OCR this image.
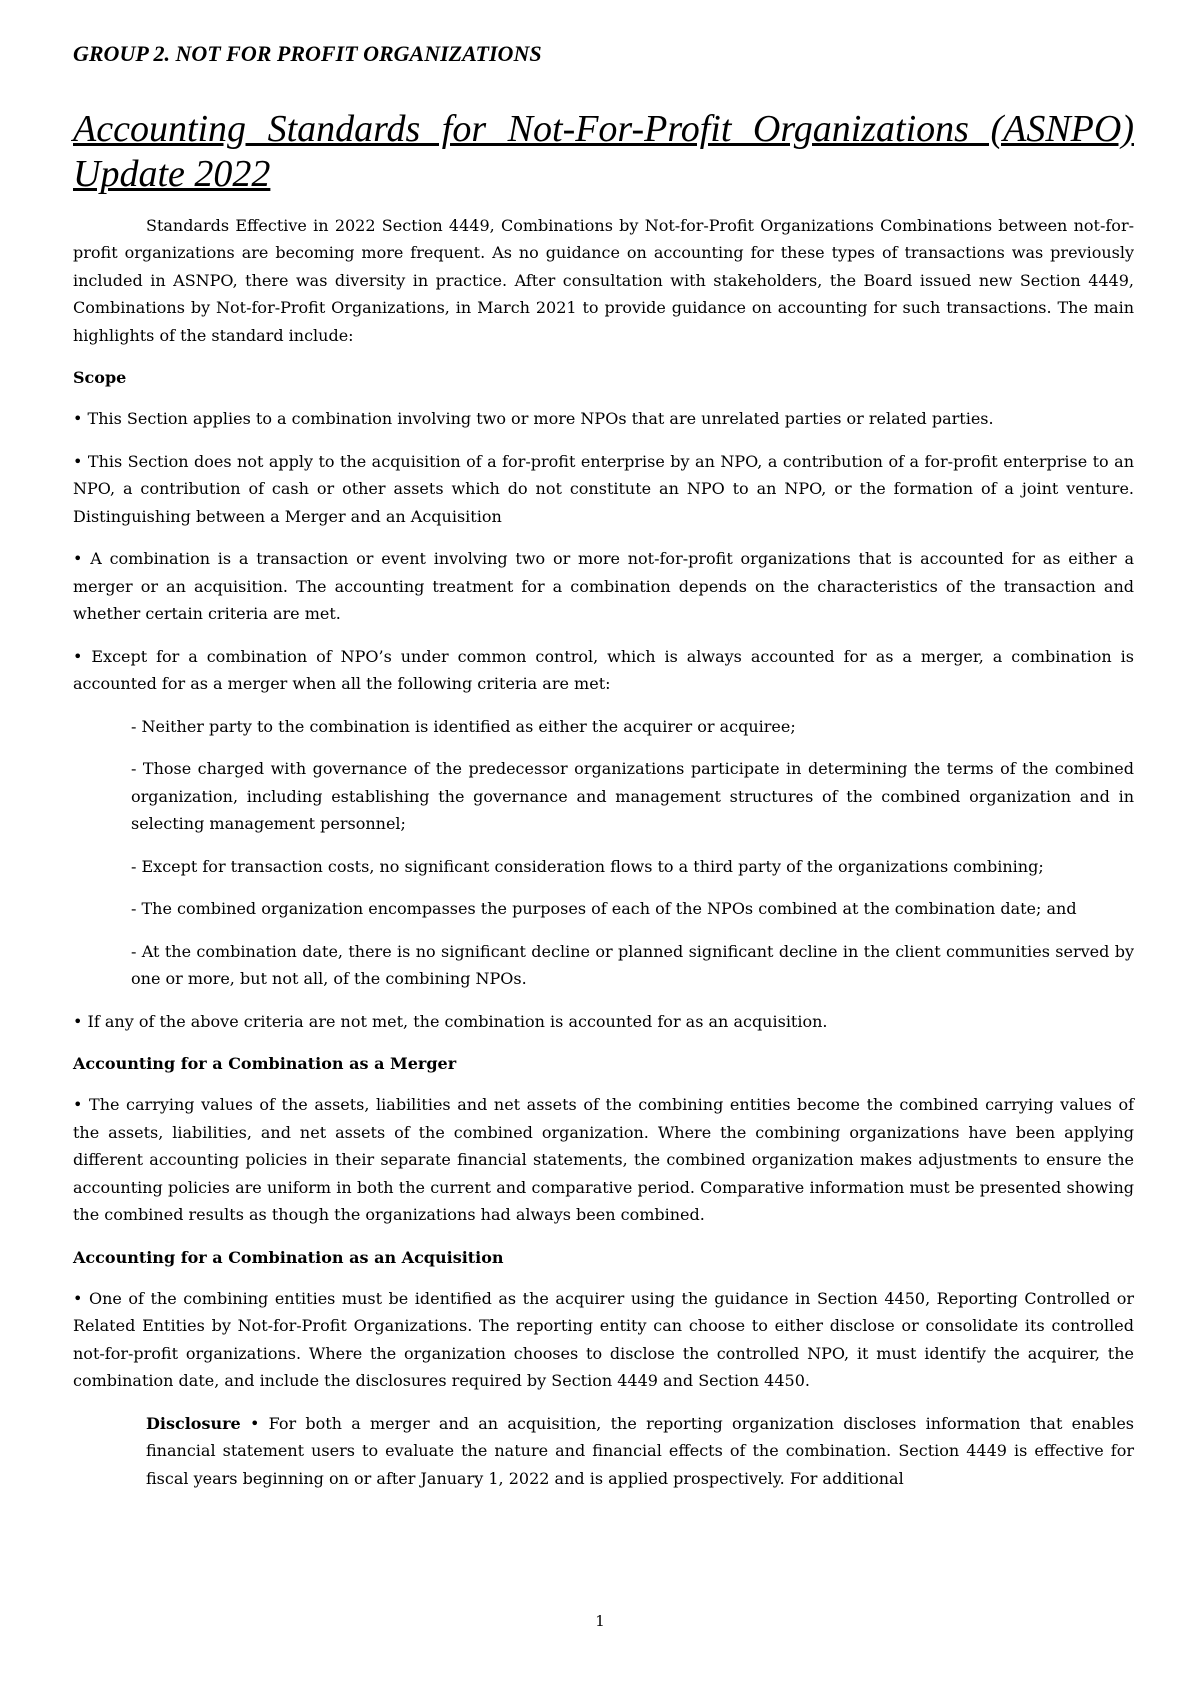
GROUP 2. NOT FOR PROFIT ORGANIZATIONS
Accounting Standards for Not-For-Profit Organizations (ASNPO) Update 2022

Standards Effective in 2022 Section 4449, Combinations by Not-for-Profit Organizations Combinations between not-for-profit organizations are becoming more frequent. As no guidance on accounting for these types of transactions was previously included in ASNPO, there was diversity in practice. After consultation with stakeholders, the Board issued new Section 4449, Combinations by Not-for-Profit Organizations, in March 2021 to provide guidance on accounting for such transactions. The main highlights of the standard include:

Scope

• This Section applies to a combination involving two or more NPOs that are unrelated parties or related parties.

• This Section does not apply to the acquisition of a for-profit enterprise by an NPO, a contribution of a for-profit enterprise to an NPO, a contribution of cash or other assets which do not constitute an NPO to an NPO, or the formation of a joint venture. Distinguishing between a Merger and an Acquisition

• A combination is a transaction or event involving two or more not-for-profit organizations that is accounted for as either a merger or an acquisition. The accounting treatment for a combination depends on the characteristics of the transaction and whether certain criteria are met.

• Except for a combination of NPO’s under common control, which is always accounted for as a merger, a combination is accounted for as a merger when all the following criteria are met:

- Neither party to the combination is identified as either the acquirer or acquiree;

- Those charged with governance of the predecessor organizations participate in determining the terms of the combined organization, including establishing the governance and management structures of the combined organization and in selecting management personnel;

- Except for transaction costs, no significant consideration flows to a third party of the organizations combining;

- The combined organization encompasses the purposes of each of the NPOs combined at the combination date; and

- At the combination date, there is no significant decline or planned significant decline in the client communities served by one or more, but not all, of the combining NPOs.

• If any of the above criteria are not met, the combination is accounted for as an acquisition.

Accounting for a Combination as a Merger

• The carrying values of the assets, liabilities and net assets of the combining entities become the combined carrying values of the assets, liabilities, and net assets of the combined organization. Where the combining organizations have been applying different accounting policies in their separate financial statements, the combined organization makes adjustments to ensure the accounting policies are uniform in both the current and comparative period. Comparative information must be presented showing the combined results as though the organizations had always been combined.

Accounting for a Combination as an Acquisition

• One of the combining entities must be identified as the acquirer using the guidance in Section 4450, Reporting Controlled or Related Entities by Not-for-Profit Organizations. The reporting entity can choose to either disclose or consolidate its controlled not-for-profit organizations. Where the organization chooses to disclose the controlled NPO, it must identify the acquirer, the combination date, and include the disclosures required by Section 4449 and Section 4450.

Disclosure • For both a merger and an acquisition, the reporting organization discloses information that enables financial statement users to evaluate the nature and financial effects of the combination. Section 4449 is effective for fiscal years beginning on or after January 1, 2022 and is applied prospectively. For additional

1
